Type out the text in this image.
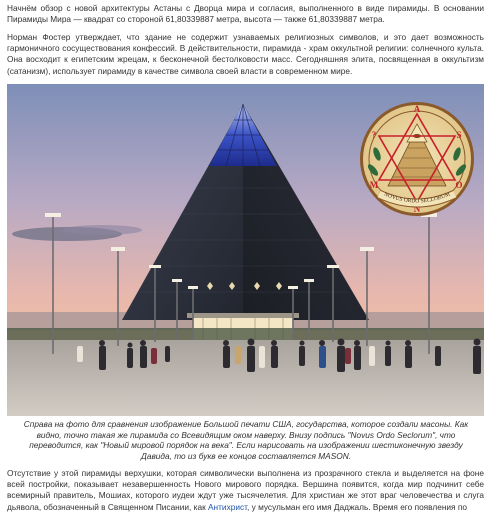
Начнём обзор с новой архитектуры Астаны с Дворца мира и согласия, выполненного в виде пирамиды. В основании Пирамиды Мира — квадрат со стороной 61,80339887 метра, высота — также 61,80339887 метра.

Норман Фостер утверждает, что здание не содержит узнаваемых религиозных символов, и это дает возможность гармоничного сосуществования конфессий. В действительности, пирамида - храм оккультной религии: солнечного культа. Она восходит к египетским жрецам, к бесконечной бестолковости масс. Сегодняшняя элита, посвященная в оккультизм (сатанизм), использует пирамиду в качестве символа своей власти в современном мире.

A
S
O
N
M
?
NOVUS ORDO SECLORUM

Справа на фото для сравнения изображение Большой печати США, государства, которое создали масоны. Как видно, точно такая же пирамида со Всевидящим оком наверху. Внизу подпись "Novus Ordo Seclorum", что переводится, как "Новый мировой порядок на века". Если нарисовать на изображении шестиконечную звезду Давида, то из букв ее концов составляется MASON.

Отсутствие у этой пирамиды верхушки, которая символически выполнена из прозрачного стекла и выделяется на фоне всей постройки, показывает незавершенность Нового мирового порядка. Вершина появится, когда мир подчинит себе всемирный правитель, Мошиах, которого иудеи ждут уже тысячелетия. Для христиан же этот враг человечества и слуга дьявола, обозначенный в Священном Писании, как Антихрист, у мусульман его имя Даджаль. Время его появления по
